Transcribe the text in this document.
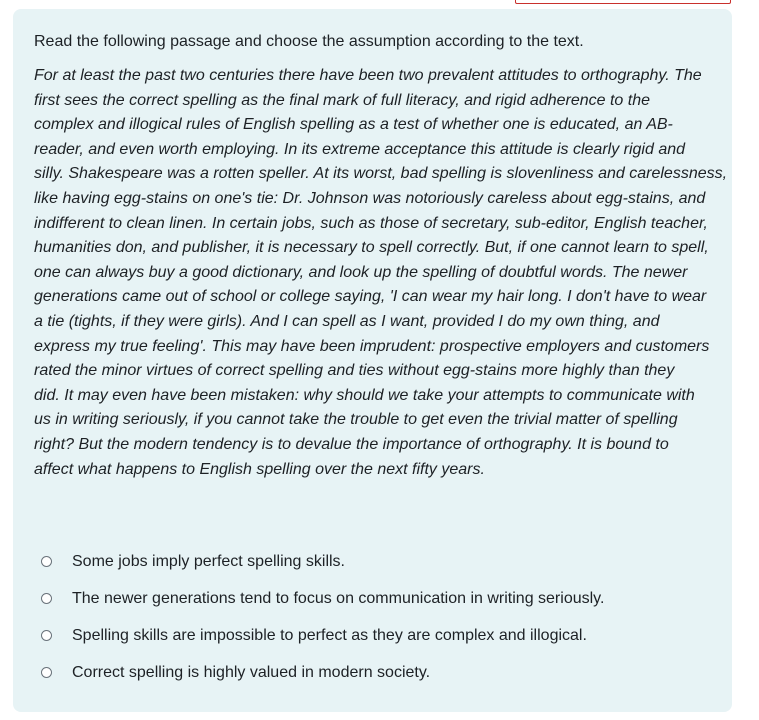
Read the following passage and choose the assumption according to the text.
For at least the past two centuries there have been two prevalent attitudes to orthography. The
first sees the correct spelling as the final mark of full literacy, and rigid adherence to the
complex and illogical rules of English spelling as a test of whether one is educated, an AB-
reader, and even worth employing. In its extreme acceptance this attitude is clearly rigid and
silly. Shakespeare was a rotten speller. At its worst, bad spelling is slovenliness and carelessness,
like having egg-stains on one's tie: Dr. Johnson was notoriously careless about egg-stains, and
indifferent to clean linen. In certain jobs, such as those of secretary, sub-editor, English teacher,
humanities don, and publisher, it is necessary to spell correctly. But, if one cannot learn to spell,
one can always buy a good dictionary, and look up the spelling of doubtful words. The newer
generations came out of school or college saying, 'I can wear my hair long. I don't have to wear
a tie (tights, if they were girls). And I can spell as I want, provided I do my own thing, and
express my true feeling'. This may have been imprudent: prospective employers and customers
rated the minor virtues of correct spelling and ties without egg-stains more highly than they
did. It may even have been mistaken: why should we take your attempts to communicate with
us in writing seriously, if you cannot take the trouble to get even the trivial matter of spelling
right? But the modern tendency is to devalue the importance of orthography. It is bound to
affect what happens to English spelling over the next fifty years.
Some jobs imply perfect spelling skills.
The newer generations tend to focus on communication in writing seriously.
Spelling skills are impossible to perfect as they are complex and illogical.
Correct spelling is highly valued in modern society.
